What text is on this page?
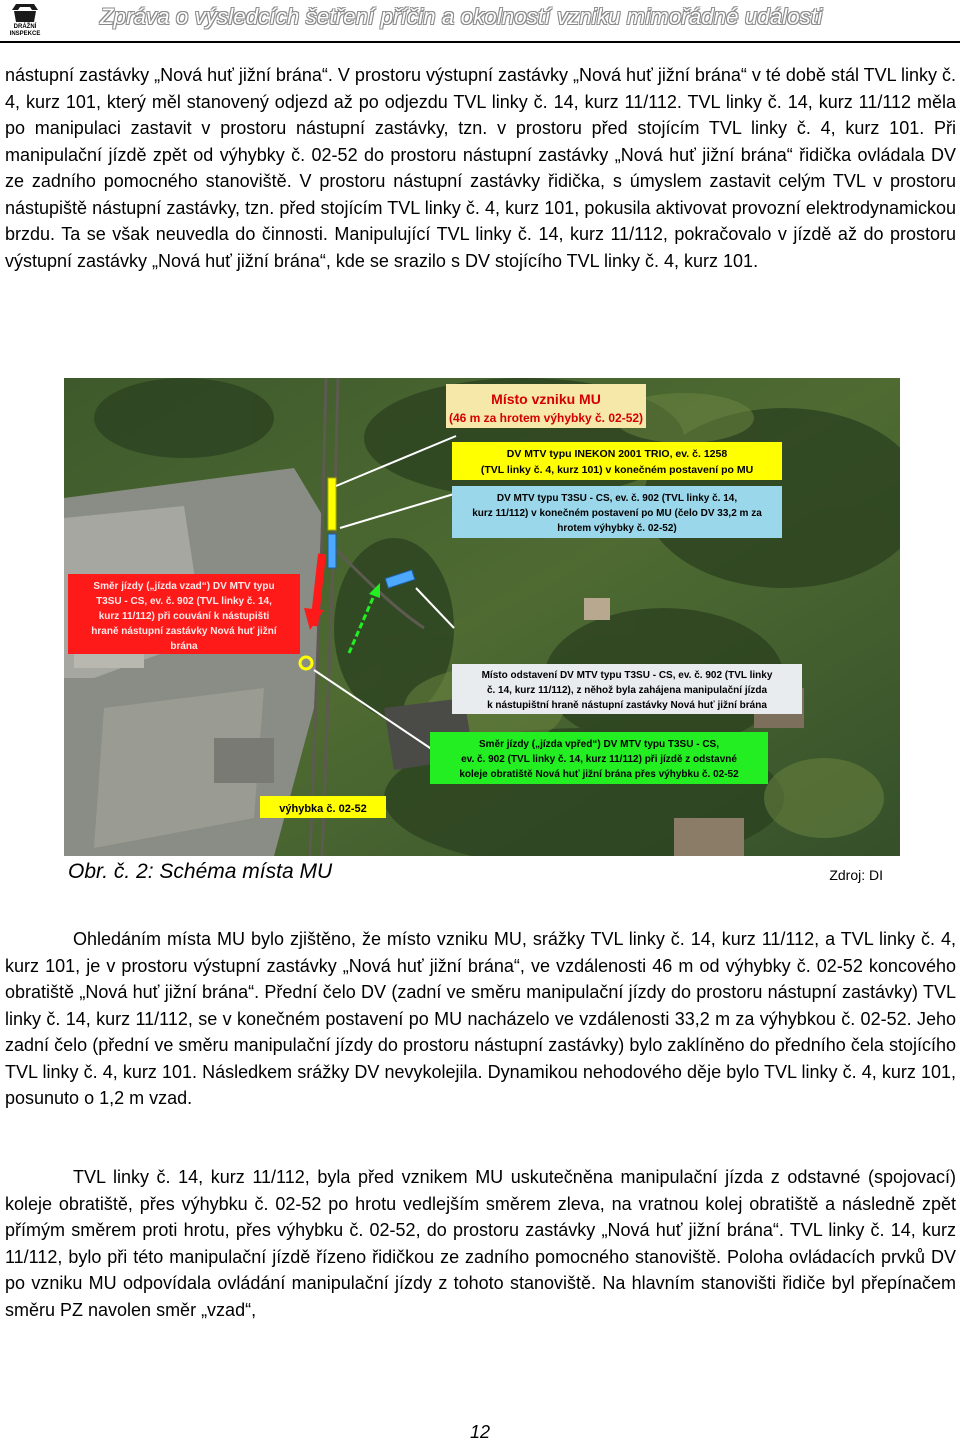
DRÁŽNÍ
INSPEKCE
Zpráva o výsledcích šetření příčin a okolností vzniku mimořádné události

nástupní zastávky „Nová huť jižní brána“. V prostoru výstupní zastávky „Nová huť jižní brána“ v té době stál TVL linky č. 4, kurz 101, který měl stanovený odjezd až po odjezdu TVL linky č. 14, kurz 11/112. TVL linky č. 14, kurz 11/112 měla po manipulaci zastavit v prostoru nástupní zastávky, tzn. v prostoru před stojícím TVL linky č. 4, kurz 101. Při manipulační jízdě zpět od výhybky č. 02-52 do prostoru nástupní zastávky „Nová huť jižní brána“ řidička ovládala DV ze zadního pomocného stanoviště. V prostoru nástupní zastávky řidička, s úmyslem zastavit celým TVL v prostoru nástupiště nástupní zastávky, tzn. před stojícím TVL linky č. 4, kurz 101, pokusila aktivovat provozní elektrodynamickou brzdu. Ta se však neuvedla do činnosti. Manipulující TVL linky č. 14, kurz 11/112, pokračovalo v jízdě až do prostoru výstupní zastávky „Nová huť jižní brána“, kde se srazilo s DV stojícího TVL linky č. 4, kurz 101.

Místo vzniku MU
(46 m za hrotem výhybky č. 02-52)
DV MTV typu INEKON 2001 TRIO, ev. č. 1258
(TVL linky č. 4, kurz 101) v konečném postavení po MU
DV MTV typu T3SU - CS, ev. č. 902 (TVL linky č. 14,
kurz 11/112) v konečném postavení po MU (čelo DV 33,2 m za
hrotem výhybky č. 02-52)
Směr jízdy („jízda vzad“) DV MTV typu
T3SU - CS, ev. č. 902 (TVL linky č. 14,
kurz 11/112) při couvání k nástupišti
hraně nástupní zastávky Nová huť jižní
brána
Místo odstavení DV MTV typu T3SU - CS, ev. č. 902 (TVL linky
č. 14, kurz 11/112), z něhož byla zahájena manipulační jízda
k nástupištní hraně nástupní zastávky Nová huť jižní brána
Směr jízdy („jízda vpřed“) DV MTV typu T3SU - CS,
ev. č. 902 (TVL linky č. 14, kurz 11/112) při jízdě z odstavné
koleje obratiště Nová huť jižní brána přes výhybku č. 02-52
výhybka č. 02-52
Obr. č. 2: Schéma místa MU	Zdroj: DI

Ohledáním místa MU bylo zjištěno, že místo vzniku MU, srážky TVL linky č. 14, kurz 11/112, a TVL linky č. 4, kurz 101, je v prostoru výstupní zastávky „Nová huť jižní brána“, ve vzdálenosti 46 m od výhybky č. 02-52 koncového obratiště „Nová huť jižní brána“. Přední čelo DV (zadní ve směru manipulační jízdy do prostoru nástupní zastávky) TVL linky č. 14, kurz 11/112, se v konečném postavení po MU nacházelo ve vzdálenosti 33,2 m za výhybkou č. 02-52. Jeho zadní čelo (přední ve směru manipulační jízdy do prostoru nástupní zastávky) bylo zaklíněno do předního čela stojícího TVL linky č. 4, kurz 101. Následkem srážky DV nevykolejila. Dynamikou nehodového děje bylo TVL linky č. 4, kurz 101, posunuto o 1,2 m vzad.

TVL linky č. 14, kurz 11/112, byla před vznikem MU uskutečněna manipulační jízda z odstavné (spojovací) koleje obratiště, přes výhybku č. 02-52 po hrotu vedlejším směrem zleva, na vratnou kolej obratiště a následně zpět přímým směrem proti hrotu, přes výhybku č. 02-52, do prostoru zastávky „Nová huť jižní brána“. TVL linky č. 14, kurz 11/112, bylo při této manipulační jízdě řízeno řidičkou ze zadního pomocného stanoviště. Poloha ovládacích prvků DV po vzniku MU odpovídala ovládání manipulační jízdy z tohoto stanoviště. Na hlavním stanovišti řidiče byl přepínačem směru PZ navolen směr „vzad“,

12
